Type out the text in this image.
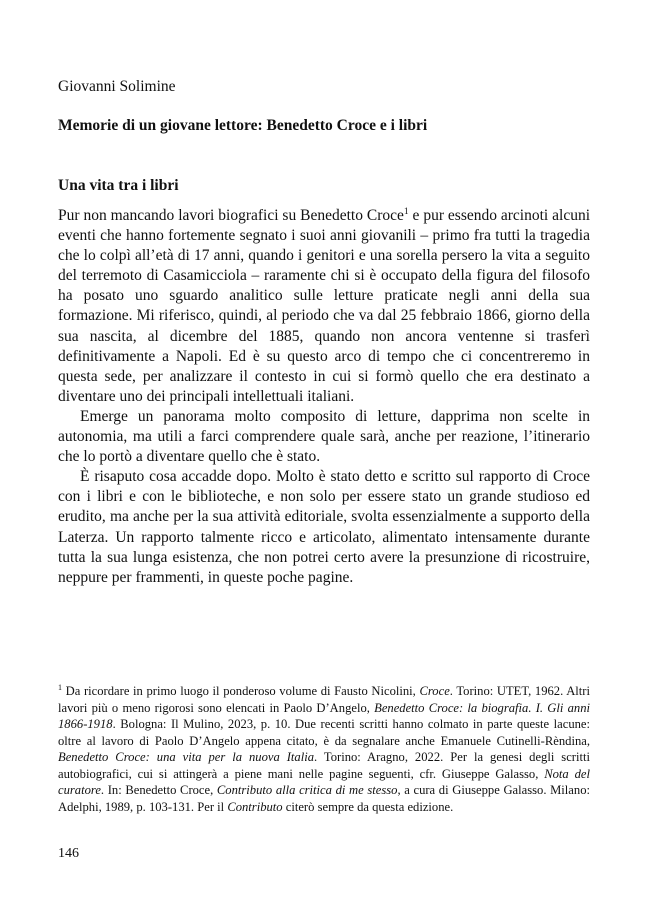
Giovanni Solimine
Memorie di un giovane lettore: Benedetto Croce e i libri
Una vita tra i libri

Pur non mancando lavori biografici su Benedetto Croce$^1$ e pur essendo arcinoti alcuni eventi che hanno fortemente segnato i suoi anni giovanili – primo fra tutti la tragedia che lo colpì all’età di 17 anni, quando i genitori e una sorella persero la vita a seguito del terremoto di Casamicciola – raramente chi si è occupato della figura del filosofo ha posato uno sguardo analitico sulle letture praticate negli anni della sua formazione. Mi riferisco, quindi, al periodo che va dal 25 febbraio 1866, giorno della sua nascita, al dicembre del 1885, quando non ancora ventenne si trasferì definitivamente a Napoli. Ed è su questo arco di tempo che ci concentreremo in questa sede, per analizzare il contesto in cui si formò quello che era destinato a diventare uno dei principali intellettuali italiani.

Emerge un panorama molto composito di letture, dapprima non scelte in autonomia, ma utili a farci comprendere quale sarà, anche per reazione, l’itinerario che lo portò a diventare quello che è stato.

È risaputo cosa accadde dopo. Molto è stato detto e scritto sul rapporto di Croce con i libri e con le biblioteche, e non solo per essere stato un grande studioso ed erudito, ma anche per la sua attività editoriale, svolta essenzialmente a supporto della Laterza. Un rapporto talmente ricco e articolato, alimentato intensamente durante tutta la sua lunga esistenza, che non potrei certo avere la presunzione di ricostruire, neppure per frammenti, in queste poche pagine.

$^1$ Da ricordare in primo luogo il ponderoso volume di Fausto Nicolini, Croce. Torino: UTET, 1962. Altri lavori più o meno rigorosi sono elencati in Paolo D’Angelo, Benedetto Croce: la biografia. I. Gli anni 1866-1918. Bologna: Il Mulino, 2023, p. 10. Due recenti scritti hanno colmato in parte queste lacune: oltre al lavoro di Paolo D’Angelo appena citato, è da segnalare anche Emanuele Cutinelli-Rèndina, Benedetto Croce: una vita per la nuova Italia. Torino: Aragno, 2022. Per la genesi degli scritti autobiografici, cui si attingerà a piene mani nelle pagine seguenti, cfr. Giuseppe Galasso, Nota del curatore. In: Benedetto Croce, Contributo alla critica di me stesso, a cura di Giuseppe Galasso. Milano: Adelphi, 1989, p. 103-131. Per il Contributo citerò sempre da questa edizione.
146
